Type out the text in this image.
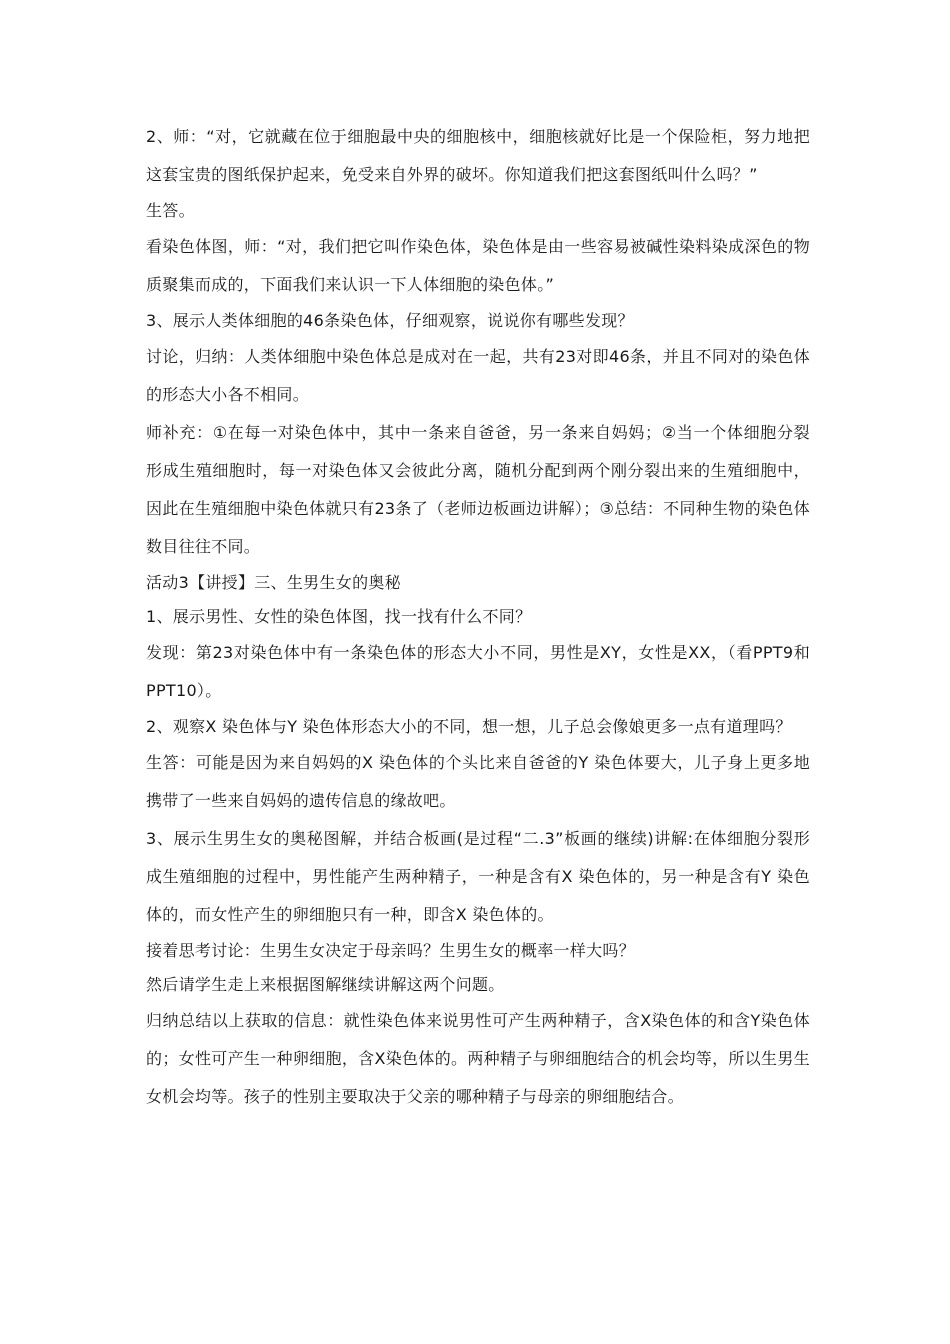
2、师：“对，它就藏在位于细胞最中央的细胞核中，细胞核就好比是一个保险柜，努力地把这套宝贵的图纸保护起来，免受来自外界的破坏。你知道我们把这套图纸叫什么吗？”

生答。

看染色体图，师：“对，我们把它叫作染色体，染色体是由一些容易被碱性染料染成深色的物质聚集而成的，下面我们来认识一下人体细胞的染色体。”

3、展示人类体细胞的46条染色体，仔细观察，说说你有哪些发现？

讨论，归纳：人类体细胞中染色体总是成对在一起，共有23对即46条，并且不同对的染色体的形态大小各不相同。

师补充：①在每一对染色体中，其中一条来自爸爸，另一条来自妈妈；②当一个体细胞分裂形成生殖细胞时，每一对染色体又会彼此分离，随机分配到两个刚分裂出来的生殖细胞中，因此在生殖细胞中染色体就只有23条了（老师边板画边讲解）；③总结：不同种生物的染色体数目往往不同。

活动3【讲授】三、生男生女的奥秘

1、展示男性、女性的染色体图，找一找有什么不同？

发现：第23对染色体中有一条染色体的形态大小不同，男性是XY，女性是XX，（看PPT9和PPT10）。

2、观察X 染色体与Y 染色体形态大小的不同，想一想，儿子总会像娘更多一点有道理吗？

生答：可能是因为来自妈妈的X 染色体的个头比来自爸爸的Y 染色体要大，儿子身上更多地携带了一些来自妈妈的遗传信息的缘故吧。

3、展示生男生女的奥秘图解，并结合板画(是过程“二.3”板画的继续)讲解:在体细胞分裂形成生殖细胞的过程中，男性能产生两种精子，一种是含有X 染色体的，另一种是含有Y 染色体的，而女性产生的卵细胞只有一种，即含X 染色体的。

接着思考讨论：生男生女决定于母亲吗？生男生女的概率一样大吗？

然后请学生走上来根据图解继续讲解这两个问题。

归纳总结以上获取的信息：就性染色体来说男性可产生两种精子，含X染色体的和含Y染色体的；女性可产生一种卵细胞，含X染色体的。两种精子与卵细胞结合的机会均等，所以生男生女机会均等。孩子的性别主要取决于父亲的哪种精子与母亲的卵细胞结合。
